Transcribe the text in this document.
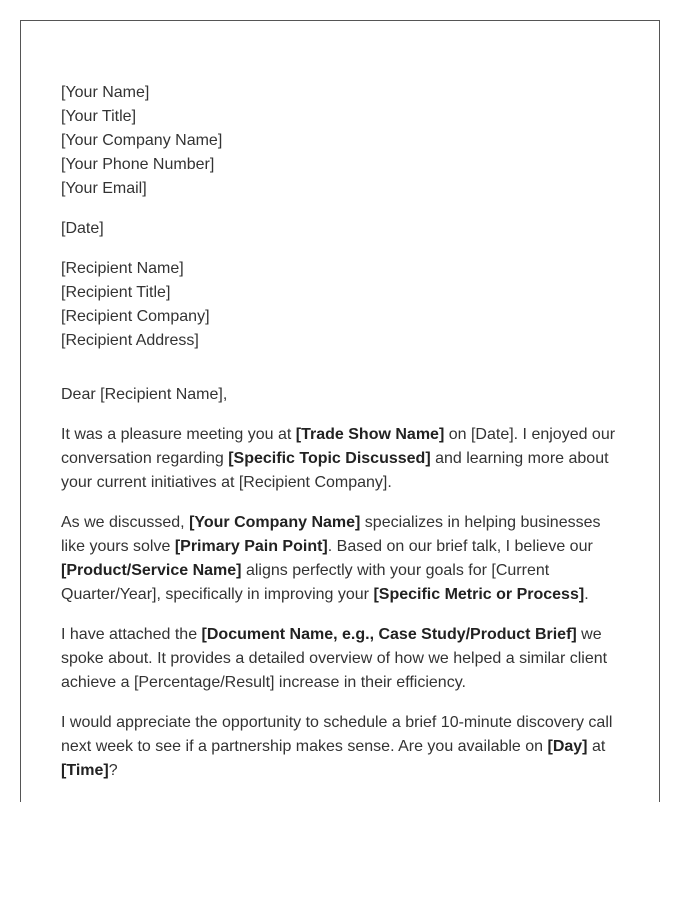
[Your Name]
[Your Title]
[Your Company Name]
[Your Phone Number]
[Your Email]
[Date]
[Recipient Name]
[Recipient Title]
[Recipient Company]
[Recipient Address]

Dear [Recipient Name],

It was a pleasure meeting you at [Trade Show Name] on [Date]. I enjoyed our conversation regarding [Specific Topic Discussed] and learning more about your current initiatives at [Recipient Company].

As we discussed, [Your Company Name] specializes in helping businesses like yours solve [Primary Pain Point]. Based on our brief talk, I believe our [Product/Service Name] aligns perfectly with your goals for [Current Quarter/Year], specifically in improving your [Specific Metric or Process].

I have attached the [Document Name, e.g., Case Study/Product Brief] we spoke about. It provides a detailed overview of how we helped a similar client achieve a [Percentage/Result] increase in their efficiency.

I would appreciate the opportunity to schedule a brief 10-minute discovery call next week to see if a partnership makes sense. Are you available on [Day] at [Time]?
